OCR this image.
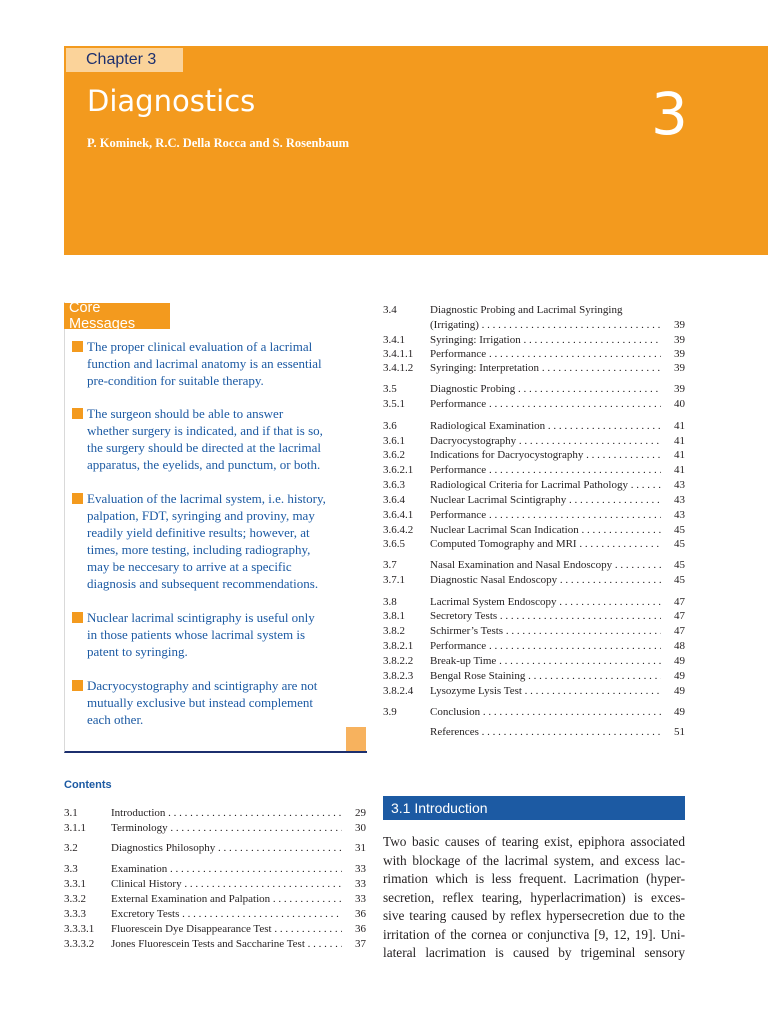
Chapter 3
Diagnostics
P. Kominek, R.C. Della Rocca and S. Rosenbaum	3
Core Messages
The proper clinical evaluation of a lacrimal
function and lacrimal anatomy is an essential
pre-condition for suitable therapy.
The surgeon should be able to answer
whether surgery is indicated, and if that is so,
the surgery should be directed at the lacrimal
apparatus, the eyelids, and punctum, or both.
Evaluation of the lacrimal system, i.e. history,
palpation, FDT, syringing and proviny, may
readily yield definitive results; however, at
times, more testing, including radiography,
may be neccesary to arrive at a specific
diagnosis and subsequent recommendations.
Nuclear lacrimal scintigraphy is useful only
in those patients whose lacrimal system is
patent to syringing.
Dacryocystography and scintigraphy are not
mutually exclusive but instead complement
each other.
Contents
3.1	Introduction . . .	29
3.1.1 Terminology . . .	30
3.2	Diagnostics Philosophy . . .	31
3.3	Examination . . .	33
3.3.1 Clinical History . . .	33
3.3.2 External Examination and Palpation . . .	33
3.3.3 Excretory Tests . . .	36
3.3.3.1 Fluorescein Dye Disappearance Test . . .	36
3.3.3.2 Jones Fluorescein Tests and Saccharine Test . . .	37
3.4	Diagnostic Probing and Lacrimal Syringing
(Irrigating) . . .	39
3.4.1 Syringing: Irrigation . . .	39
3.4.1.1 Performance . . .	39
3.4.1.2 Syringing: Interpretation . . .	39
3.5	Diagnostic Probing . . .	39
3.5.1 Performance . . .	40
3.6	Radiological Examination . . .	41
3.6.1 Dacryocystography . . .	41
3.6.2 Indications for Dacryocystography . . .	41
3.6.2.1 Performance . . .	41
3.6.3 Radiological Criteria for Lacrimal Pathology . . .	43
3.6.4 Nuclear Lacrimal Scintigraphy . . .	43
3.6.4.1 Performance . . .	43
3.6.4.2 Nuclear Lacrimal Scan Indication . . .	45
3.6.5 Computed Tomography and MRI . . .	45
3.7	Nasal Examination and Nasal Endoscopy . . .	45
3.7.1 Diagnostic Nasal Endoscopy . . .	45
3.8	Lacrimal System Endoscopy . . .	47
3.8.1 Secretory Tests . . .	47
3.8.2 Schirmer’s Tests . . .	47
3.8.2.1 Performance . . .	48
3.8.2.2 Break-up Time . . .	49
3.8.2.3 Bengal Rose Staining . . .	49
3.8.2.4 Lysozyme Lysis Test . . .	49
3.9	Conclusion . . .	49
References . . .	51
3.1 Introduction
Two basic causes of tearing exist, epiphora associated
with blockage of the lacrimal system, and excess lac-
rimation which is less frequent. Lacrimation (hyper-
secretion, reflex tearing, hyperlacrimation) is exces-
sive tearing caused by reflex hypersecretion due to the
irritation of the cornea or conjunctiva [9, 12, 19]. Uni-
lateral lacrimation is caused by trigeminal sensory
